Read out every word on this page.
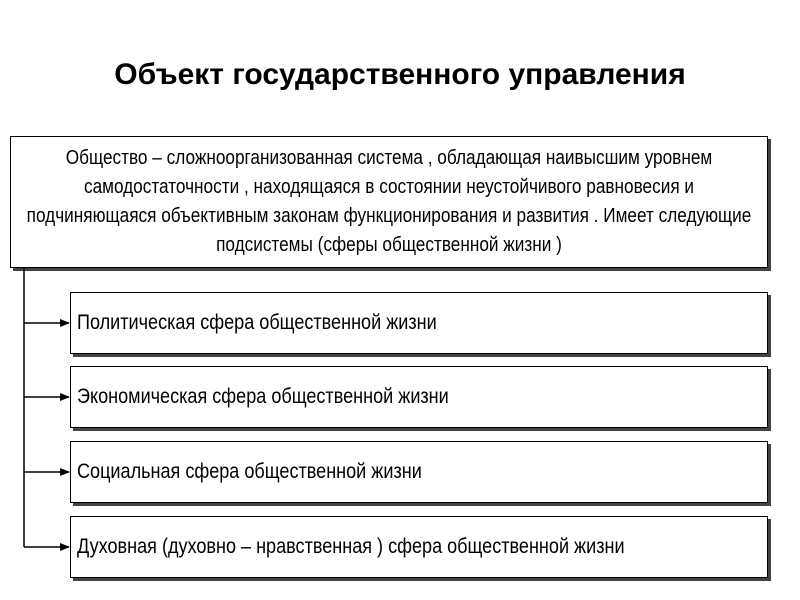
Объект государственного управления
Общество – сложноорганизованная система , обладающая наивысшим уровнем самодостаточности , находящаяся в состоянии неустойчивого равновесия и подчиняющаяся объективным законам функционирования и развития . Имеет следующие подсистемы (сферы общественной жизни )
Политическая сфера общественной жизни
Экономическая сфера общественной жизни
Социальная сфера общественной жизни
Духовная (духовно – нравственная ) сфера общественной жизни
